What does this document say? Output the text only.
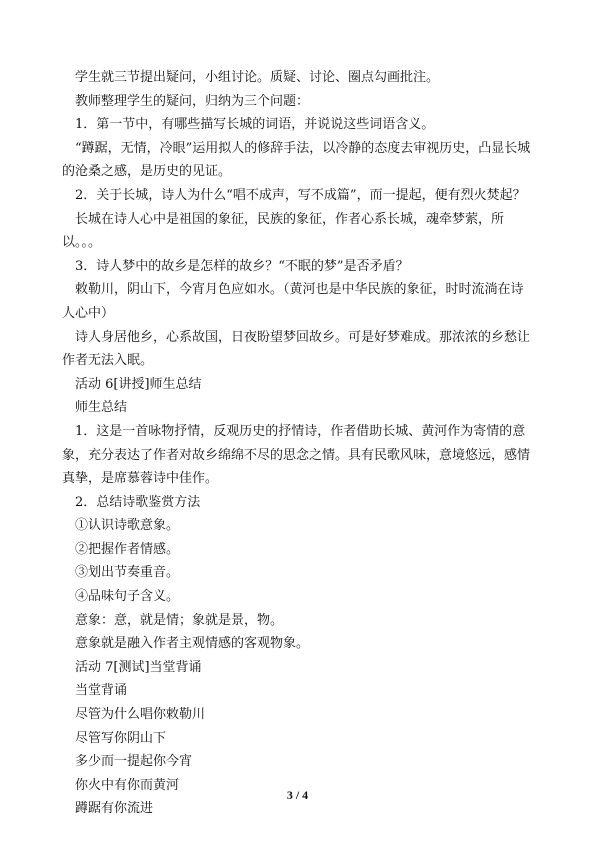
学生就三节提出疑问，小组讨论。质疑、讨论、圈点勾画批注。

教师整理学生的疑问，归纳为三个问题：

1．第一节中，有哪些描写长城的词语，并说说这些词语含义。

“蹲踞，无情，冷眼”运用拟人的修辞手法，以冷静的态度去审视历史，凸显长城的沧桑之感，是历史的见证。

2．关于长城，诗人为什么“唱不成声，写不成篇”，而一提起，便有烈火焚起？

长城在诗人心中是祖国的象征，民族的象征，作者心系长城，魂牵梦萦，所以。。。

3．诗人梦中的故乡是怎样的故乡？“不眠的梦”是否矛盾？

敕勒川，阴山下，今宵月色应如水。（黄河也是中华民族的象征，时时流淌在诗人心中）

诗人身居他乡，心系故国，日夜盼望梦回故乡。可是好梦难成。那浓浓的乡愁让作者无法入眠。

活动 6[讲授]师生总结

师生总结

1．这是一首咏物抒情，反观历史的抒情诗，作者借助长城、黄河作为寄情的意象，充分表达了作者对故乡绵绵不尽的思念之情。具有民歌风味，意境悠远，感情真挚，是席慕蓉诗中佳作。

2．总结诗歌鉴赏方法

①认识诗歌意象。

②把握作者情感。

③划出节奏重音。

④品味句子含义。

意象：意，就是情；象就是景，物。

意象就是融入作者主观情感的客观物象。

活动 7[测试]当堂背诵

当堂背诵

尽管为什么唱你敕勒川

尽管写你阴山下

多少而一提起你今宵

你火中有你而黄河

蹲踞有你流进

3 / 4
